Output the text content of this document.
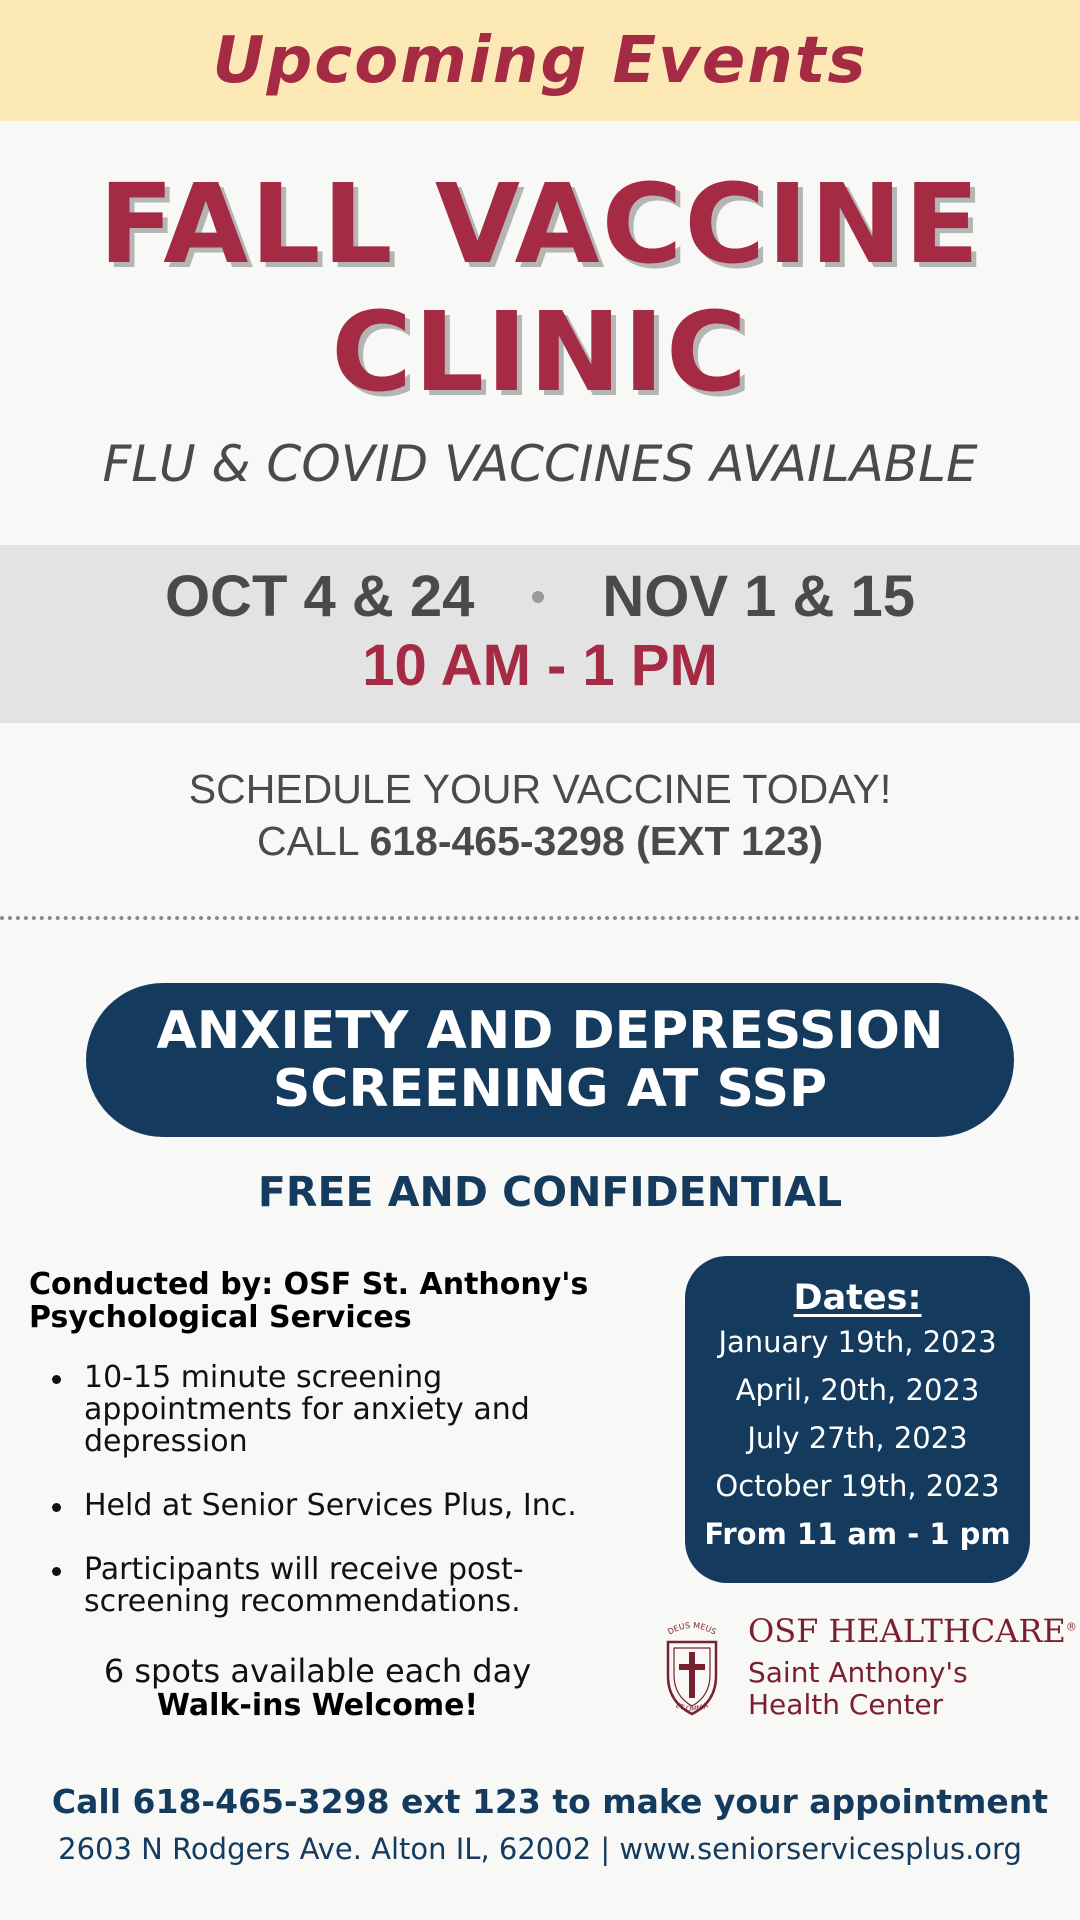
Upcoming Events
FALL VACCINE
CLINIC
FLU & COVID VACCINES AVAILABLE
OCT 4 & 24 NOV 1 & 15
10 AM - 1 PM
SCHEDULE YOUR VACCINE TODAY!
CALL 618-465-3298 (EXT 123)
ANXIETY AND DEPRESSION
SCREENING AT SSP
FREE AND CONFIDENTIAL
Conducted by: OSF St. Anthony's
Psychological Services
10-15 minute screening appointments for anxiety and depression
Held at Senior Services Plus, Inc.
Participants will receive post-screening recommendations.
6 spots available each day
Walk-ins Welcome!
Dates:
January 19th, 2023
April, 20th, 2023
July 27th, 2023
October 19th, 2023
From 11 am - 1 pm
DEUS MEUS
ET OMNIA
OSF HEALTHCARE®
Saint Anthony's
Health Center
Call 618-465-3298 ext 123 to make your appointment
2603 N Rodgers Ave. Alton IL, 62002 | www.seniorservicesplus.org
